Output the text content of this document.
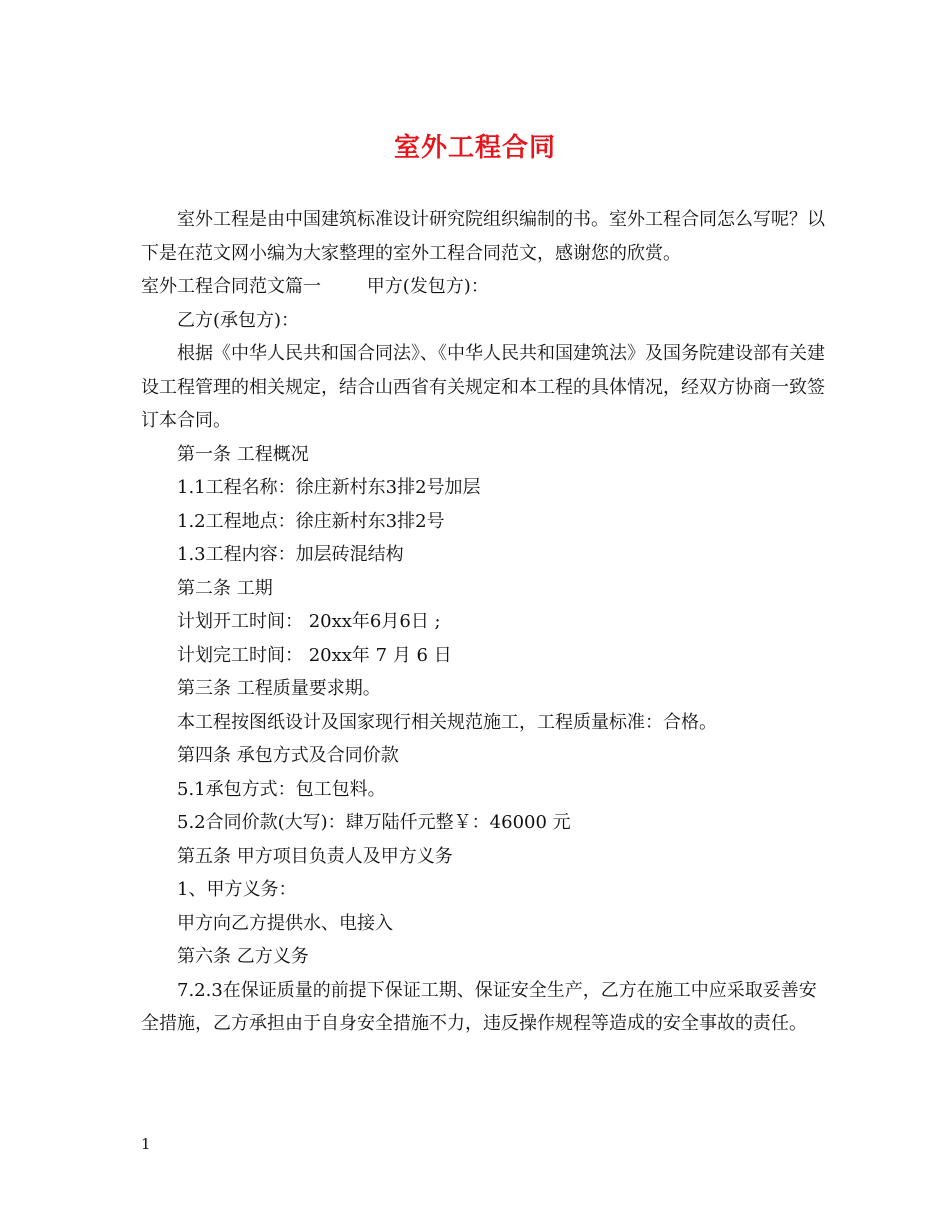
室外工程合同

室外工程是由中国建筑标准设计研究院组织编制的书。室外工程合同怎么写呢？以下是在范文网小编为大家整理的室外工程合同范文，感谢您的欣赏。

室外工程合同范文篇一        甲方(发包方)：

乙方(承包方)：

根据《中华人民共和国合同法》、《中华人民共和国建筑法》及国务院建设部有关建设工程管理的相关规定，结合山西省有关规定和本工程的具体情况，经双方协商一致签订本合同。

第一条 工程概况

1.1工程名称：徐庄新村东3排2号加层

1.2工程地点：徐庄新村东3排2号

1.3工程内容：加层砖混结构

第二条 工期

计划开工时间： 20xx年6月6日 ;

计划完工时间： 20xx年 7 月 6 日

第三条 工程质量要求期。

本工程按图纸设计及国家现行相关规范施工，工程质量标准：合格。

第四条 承包方式及合同价款

5.1承包方式：包工包料。

5.2合同价款(大写)：肆万陆仟元整￥：46000 元

第五条 甲方项目负责人及甲方义务

1、甲方义务：

甲方向乙方提供水、电接入

第六条 乙方义务

7.2.3在保证质量的前提下保证工期、保证安全生产，乙方在施工中应采取妥善安全措施，乙方承担由于自身安全措施不力，违反操作规程等造成的安全事故的责任。

1
